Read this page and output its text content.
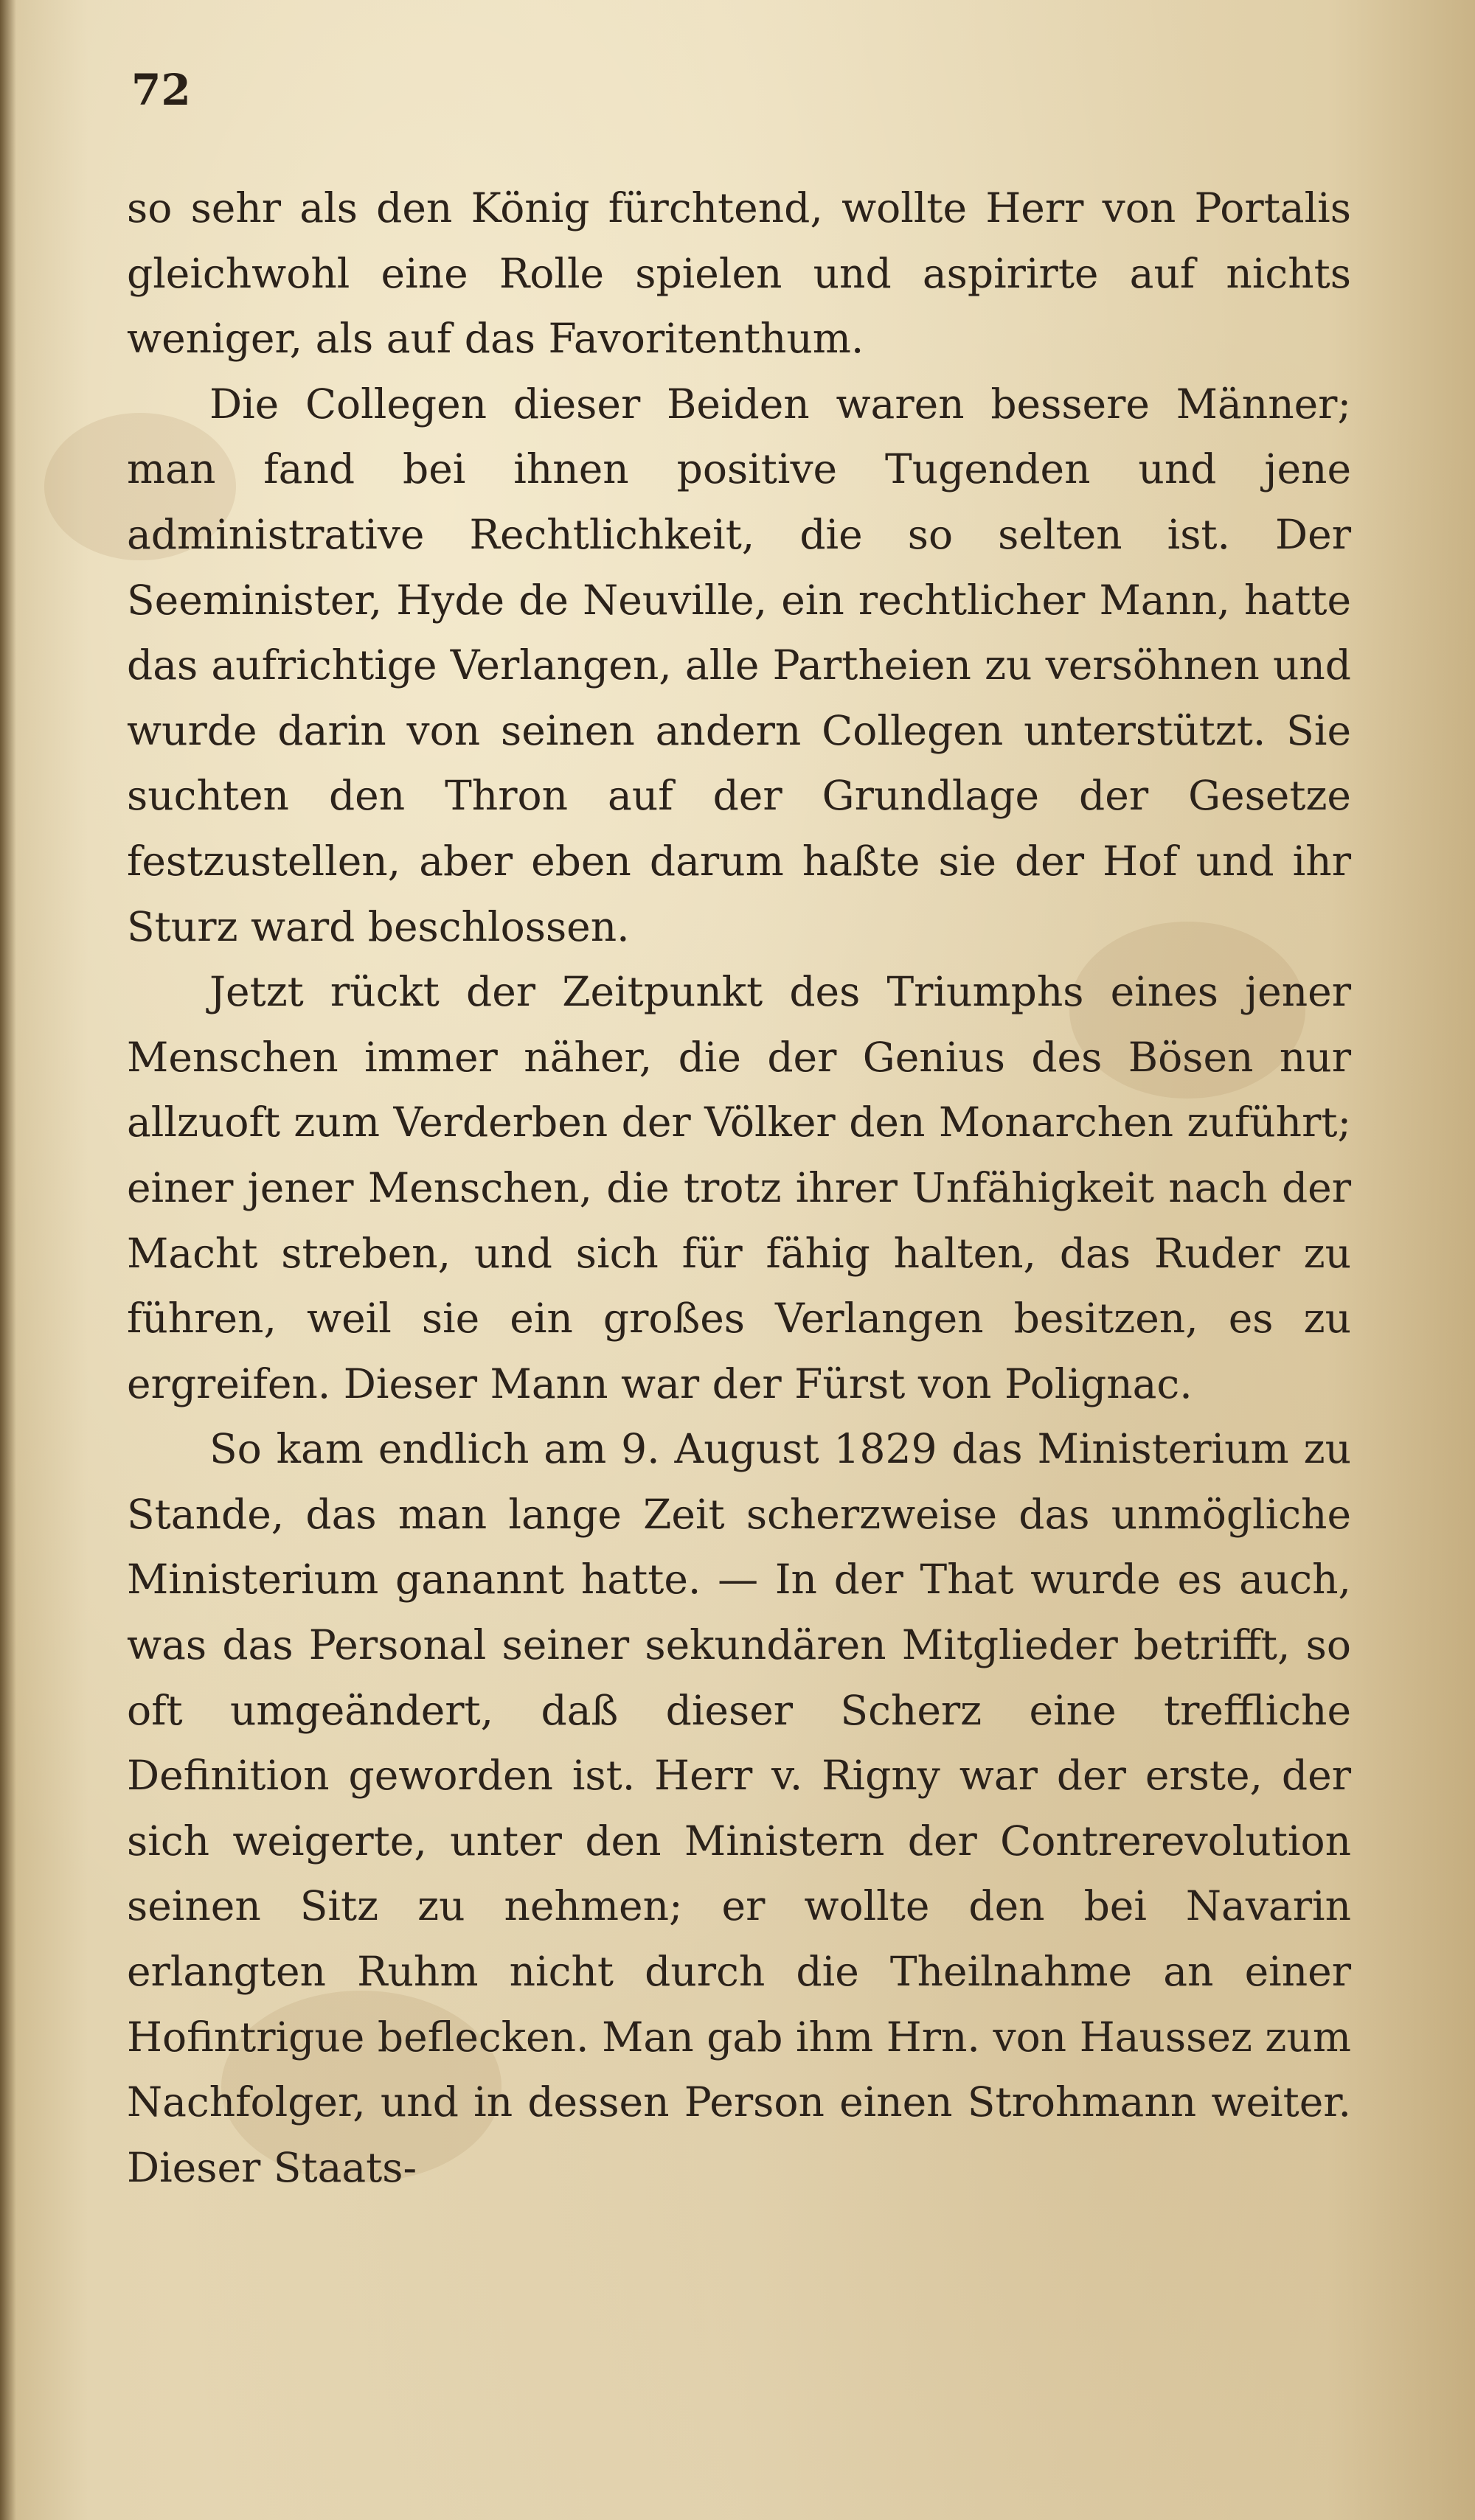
72

so sehr als den König fürchtend, wollte Herr von Portalis gleichwohl eine Rolle spielen und aspirirte auf nichts weniger, als auf das Favoritenthum.

Die Collegen dieser Beiden waren bessere Männer; man fand bei ihnen positive Tugenden und jene administrative Rechtlichkeit, die so selten ist. Der Seeminister, Hyde de Neuville, ein rechtlicher Mann, hatte das aufrichtige Verlangen, alle Partheien zu versöhnen und wurde darin von seinen andern Collegen unterstützt. Sie suchten den Thron auf der Grundlage der Gesetze festzustellen, aber eben darum haßte sie der Hof und ihr Sturz ward beschlossen.

Jetzt rückt der Zeitpunkt des Triumphs eines jener Menschen immer näher, die der Genius des Bösen nur allzuoft zum Verderben der Völker den Monarchen zuführt; einer jener Menschen, die trotz ihrer Unfähigkeit nach der Macht streben, und sich für fähig halten, das Ruder zu führen, weil sie ein großes Verlangen besitzen, es zu ergreifen. Dieser Mann war der Fürst von Polignac.

So kam endlich am 9. August 1829 das Ministerium zu Stande, das man lange Zeit scherzweise das unmögliche Ministerium ganannt hatte. — In der That wurde es auch, was das Personal seiner sekundären Mitglieder betrifft, so oft umgeändert, daß dieser Scherz eine treffliche Definition geworden ist. Herr v. Rigny war der erste, der sich weigerte, unter den Ministern der Contrerevolution seinen Sitz zu nehmen; er wollte den bei Navarin erlangten Ruhm nicht durch die Theilnahme an einer Hofintrigue beflecken. Man gab ihm Hrn. von Haussez zum Nachfolger, und in dessen Person einen Strohmann weiter. Dieser Staats-
